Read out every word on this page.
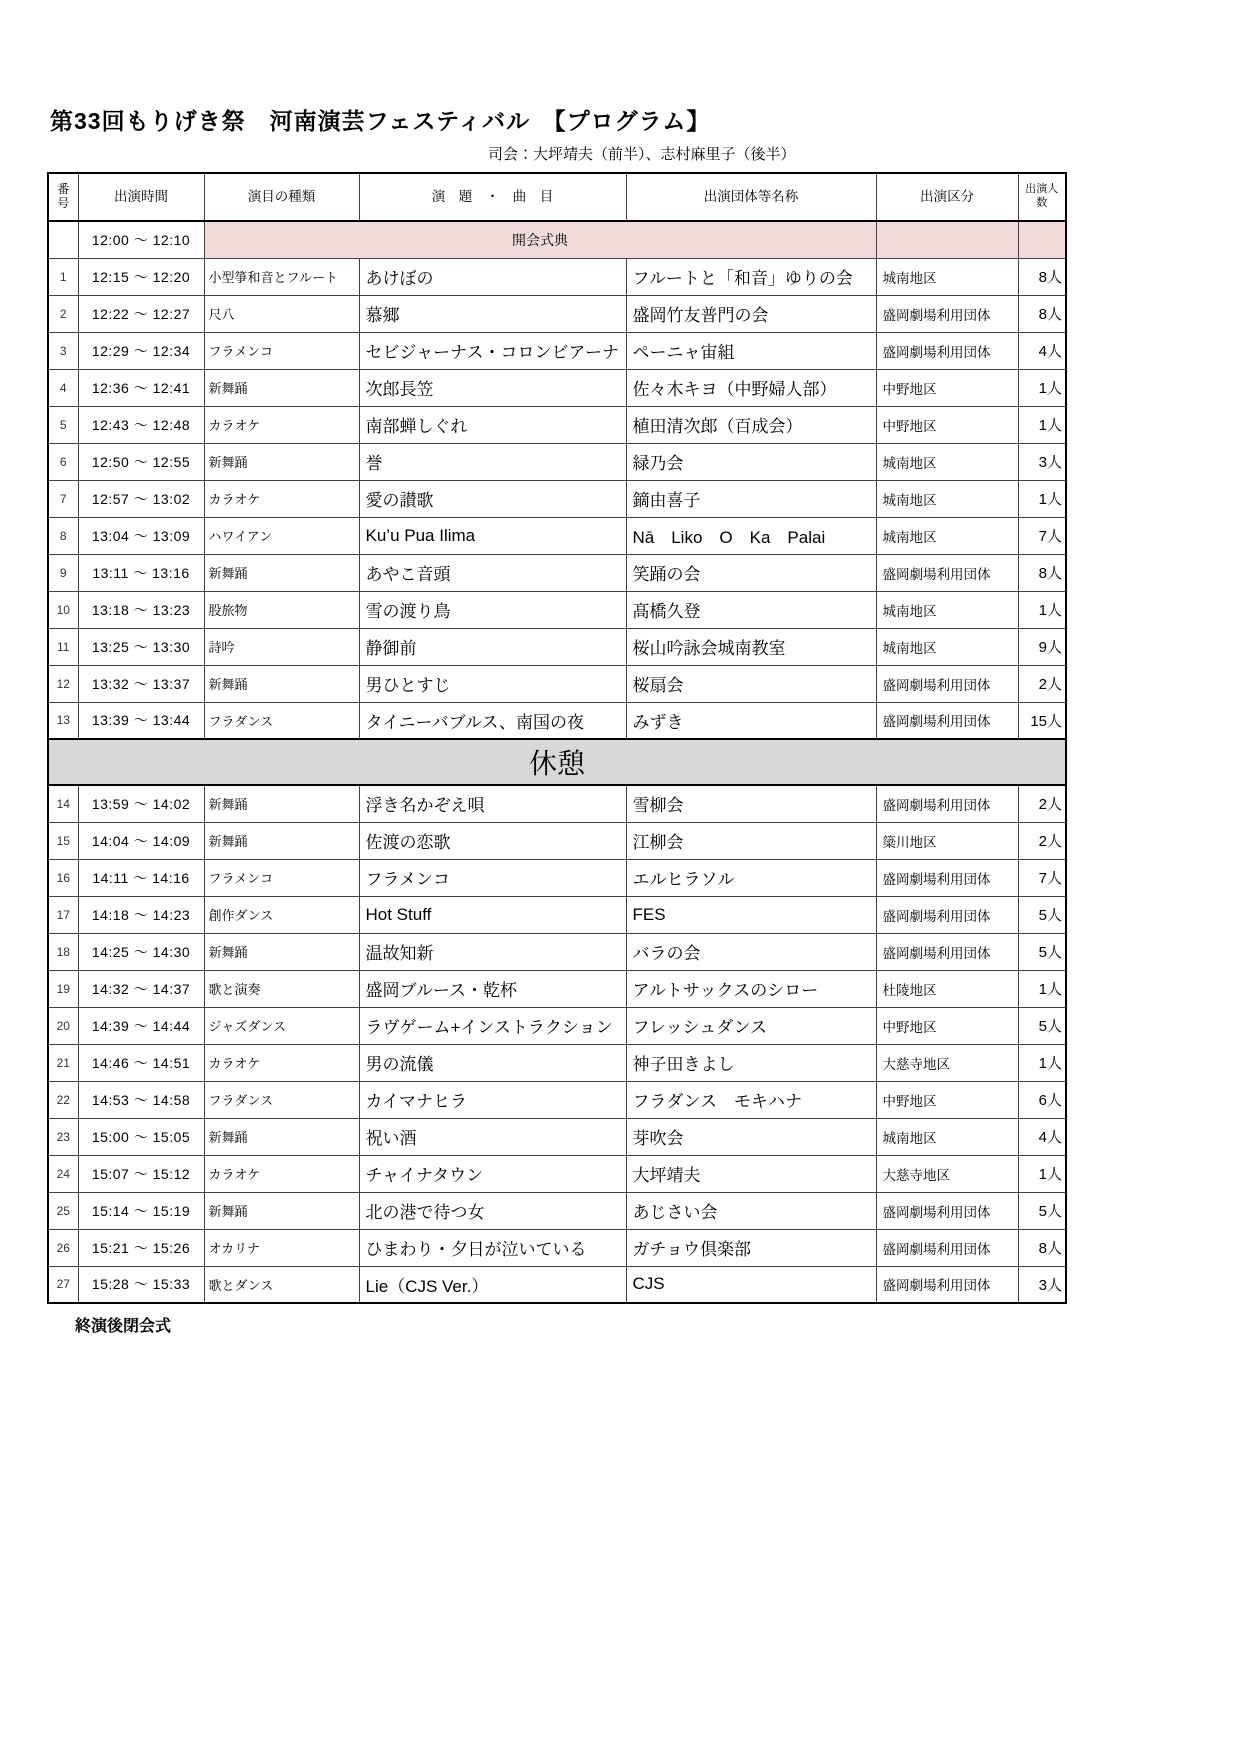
第33回もりげき祭　河南演芸フェスティバル　【プログラム】
司会：大坪靖夫（前半）、志村麻里子（後半）
番号	出演時間	演目の種類	演　題　・　曲　目	出演団体等名称	出演区分	出演人数
	12:00 ～ 12:10	開会式典				
1	12:15 ～ 12:20	小型箏和音とフルート	あけぼの	フルートと「和音」ゆりの会	城南地区	8人
2	12:22 ～ 12:27	尺八	慕郷	盛岡竹友普門の会	盛岡劇場利用団体	8人
3	12:29 ～ 12:34	フラメンコ	セビジャーナス・コロンビアーナ	ペーニャ宙組	盛岡劇場利用団体	4人
4	12:36 ～ 12:41	新舞踊	次郎長笠	佐々木キヨ（中野婦人部）	中野地区	1人
5	12:43 ～ 12:48	カラオケ	南部蝉しぐれ	植田清次郎（百成会）	中野地区	1人
6	12:50 ～ 12:55	新舞踊	誉	緑乃会	城南地区	3人
7	12:57 ～ 13:02	カラオケ	愛の讃歌	鏑由喜子	城南地区	1人
8	13:04 ～ 13:09	ハワイアン	Ku’u Pua Ilima	Nā　Liko　O　Ka　Palai	城南地区	7人
9	13:11 ～ 13:16	新舞踊	あやこ音頭	笑踊の会	盛岡劇場利用団体	8人
10	13:18 ～ 13:23	股旅物	雪の渡り鳥	髙橋久登	城南地区	1人
11	13:25 ～ 13:30	詩吟	静御前	桜山吟詠会城南教室	城南地区	9人
12	13:32 ～ 13:37	新舞踊	男ひとすじ	桜扇会	盛岡劇場利用団体	2人
13	13:39 ～ 13:44	フラダンス	タイニーバブルス、南国の夜	みずき	盛岡劇場利用団体	15人
休憩						
14	13:59 ～ 14:02	新舞踊	浮き名かぞえ唄	雪柳会	盛岡劇場利用団体	2人
15	14:04 ～ 14:09	新舞踊	佐渡の恋歌	江柳会	簗川地区	2人
16	14:11 ～ 14:16	フラメンコ	フラメンコ	エルヒラソル	盛岡劇場利用団体	7人
17	14:18 ～ 14:23	創作ダンス	Hot Stuff	FES	盛岡劇場利用団体	5人
18	14:25 ～ 14:30	新舞踊	温故知新	バラの会	盛岡劇場利用団体	5人
19	14:32 ～ 14:37	歌と演奏	盛岡ブルース・乾杯	アルトサックスのシロー	杜陵地区	1人
20	14:39 ～ 14:44	ジャズダンス	ラヴゲーム+インストラクション	フレッシュダンス	中野地区	5人
21	14:46 ～ 14:51	カラオケ	男の流儀	神子田きよし	大慈寺地区	1人
22	14:53 ～ 14:58	フラダンス	カイマナヒラ	フラダンス　モキハナ	中野地区	6人
23	15:00 ～ 15:05	新舞踊	祝い酒	芽吹会	城南地区	4人
24	15:07 ～ 15:12	カラオケ	チャイナタウン	大坪靖夫	大慈寺地区	1人
25	15:14 ～ 15:19	新舞踊	北の港で待つ女	あじさい会	盛岡劇場利用団体	5人
26	15:21 ～ 15:26	オカリナ	ひまわり・夕日が泣いている	ガチョウ倶楽部	盛岡劇場利用団体	8人
27	15:28 ～ 15:33	歌とダンス	Lie（CJS Ver.）	CJS	盛岡劇場利用団体	3人
終演後閉会式
